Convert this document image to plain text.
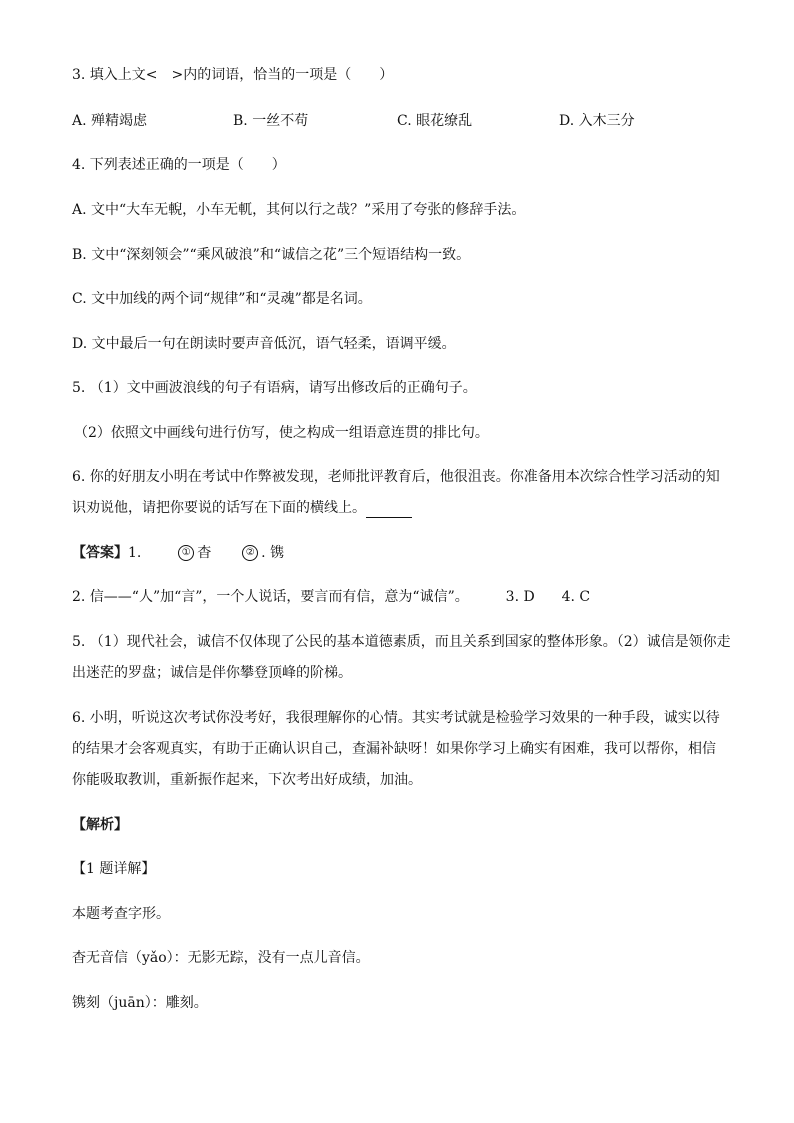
3. 填入上文<　>内的词语，恰当的一项是（　　）
A. 殚精竭虑	B. 一丝不苟	C. 眼花缭乱	D. 入木三分
4. 下列表述正确的一项是（　　）
A. 文中“大车无輗，小车无軏，其何以行之哉？”采用了夸张的修辞手法。
B. 文中“深刻领会”“乘风破浪”和“诚信之花”三个短语结构一致。
C. 文中加线的两个词“规律”和“灵魂”都是名词。
D. 文中最后一句在朗读时要声音低沉，语气轻柔，语调平缓。
5. （1）文中画波浪线的句子有语病，请写出修改后的正确句子。
（2）依照文中画线句进行仿写，使之构成一组语意连贯的排比句。
6. 你的好朋友小明在考试中作弊被发现，老师批评教育后，他很沮丧。你准备用本次综合性学习活动的知
识劝说他，请把你要说的话写在下面的横线上。
【答案】1.	① 杳	② . 镌
2. 信——“人”加“言”，一个人说话，要言而有信，意为“诚信”。	3. D 4. C
5. （1）现代社会，诚信不仅体现了公民的基本道德素质，而且关系到国家的整体形象。（2）诚信是领你走
出迷茫的罗盘；诚信是伴你攀登顶峰的阶梯。
6. 小明，听说这次考试你没考好，我很理解你的心情。其实考试就是检验学习效果的一种手段，诚实以待
的结果才会客观真实，有助于正确认识自己，查漏补缺呀！如果你学习上确实有困难，我可以帮你，相信
你能吸取教训，重新振作起来，下次考出好成绩，加油。
【解析】
【1 题详解】
本题考查字形。
杳无音信（yǎo）：无影无踪，没有一点儿音信。
镌刻（juān）：雕刻。
